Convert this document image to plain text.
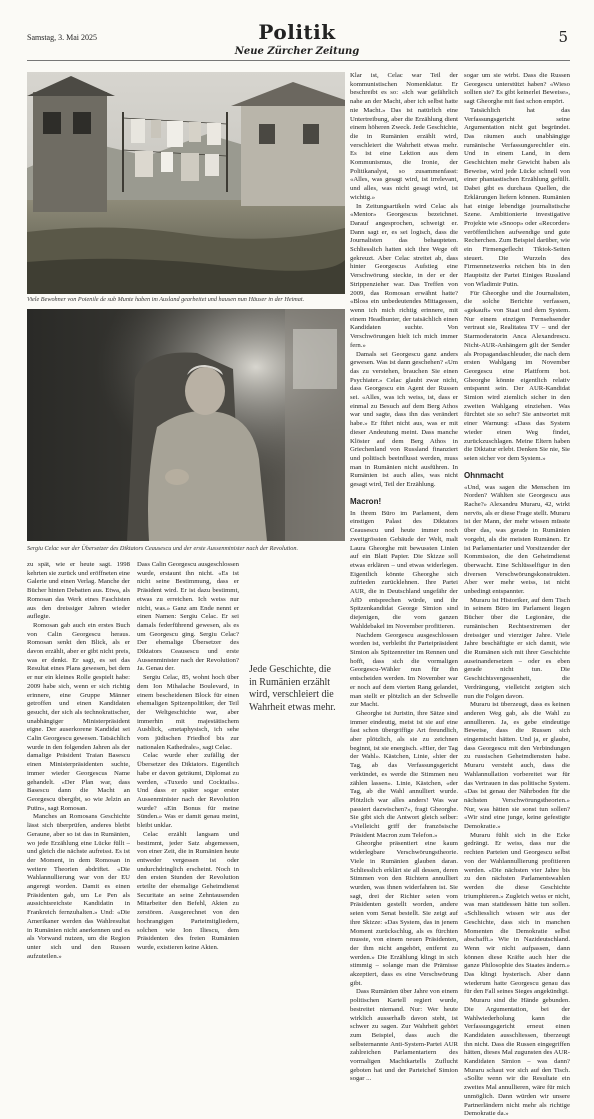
Samstag, 3. Mai 2025	Politik
Neue Zürcher Zeitung
5
Viele Bewohner von Poienile de sub Munte haben im Ausland gearbeitet und hausen nun Häuser in der Heimat.
Sergiu Celac war der Übersetzer des Diktators Ceausescu und der erste Aussenminister nach der Revolution.

zu spät, wie er heute sagt. 1998 kehrten sie zurück und eröffneten eine Galerie und einen Verlag. Manche der Bücher hinten Debatten aus. Etwa, als Romosan das Werk eines Faschisten aus den dreissiger Jahren wieder auflegte.

Romosan gab auch ein erstes Buch von Calin Georgescu heraus. Romosan senkt den Blick, als er davon erzählt, aber er gibt nicht preis, was er denkt. Er sagt, es sei das Resultat eines Plans gewesen, bei dem er nur ein kleines Rolle gespielt habe: 2009 habe sich, wenn er sich richtig erinnere, eine Gruppe Männer getroffen und einen Kandidaten gesucht, der sich als technokratischer, unabhängiger Ministerpräsident eigne. Der auserkorene Kandidat sei Calin Georgescu gewesen. Tatsächlich wurde in den folgenden Jahren als der damalige Präsident Traian Basescu einen Ministerpräsidenten suchte, immer wieder Georgescus Name gehandelt. «Der Plan war, dass Basescu dann die Macht an Georgescu übergibt, so wie Jelzin an Putin», sagt Romosan.

Manches an Romosans Geschichte lässt sich überprüfen, anderes bleibt Geraune, aber so ist das in Rumänien, wo jede Erzählung eine Lücke füllt – und gleich die nächste aufreisst. Es ist der Moment, in dem Romosan in weitere Theorien abdriftet. «Die Wahlannullierung war von der EU angeregt worden. Damit es einen Präsidenten gab, um Le Pen als aussichtsreichste Kandidatin in Frankreich fernzuhalten.» Und: «Die Amerikaner werden das Wahlresultat in Rumänien nicht anerkennen und es als Vorwand nutzen, um die Region unter sich und den Russen aufzuteilen.»

Dass Calin Georgescu ausgeschlossen wurde, erstaunt ihn nicht. «Es ist nicht seine Bestimmung, dass er Präsident wird. Er ist dazu bestimmt, etwas zu erreichen. Ich weiss nur nicht, was.» Ganz am Ende nennt er einen Namen: Sergiu Celac. Er sei damals federführend gewesen, als es um Georgescu ging. Sergiu Celac? Der ehemalige Übersetzer des Diktators Ceausescu und erste Aussenminister nach der Revolution? Ja. Genau der.

Sergiu Celac, 85, wohnt hoch über dem Ion Mihalache Boulevard, in einem bescheidenen Block für einen ehemaligen Spitzenpolitiker, der Teil der Weltgeschichte war, aber immerhin mit majestätischem Ausblick, «metaphysisch, ich sehe vom jüdischen Friedhof bis zur nationalen Kathedrale», sagt Celac.

Celac wurde eher zufällig der Übersetzer des Diktators. Eigentlich habe er davon geträumt, Diplomat zu werden, «Tuxedo und Cocktails». Und dass er später sogar erster Aussenminister nach der Revolution wurde? «Ein Bonus für meine Sünden.» Was er damit genau meint, bleibt unklar.

Celac erzählt langsam und bestimmt, jeder Satz abgemessen, von einer Zeit, die in Rumänien heute entweder vergessen ist oder undurchdringlich erscheint. Noch in den ersten Stunden der Revolution erteilte der ehemalige Geheimdienst Securitate an seine Zehntausenden Mitarbeiter den Befehl, Akten zu zerstören. Ausgerechnet von den hochrangigen Parteimitgliedern, solchen wie Ion Iliescu, dem Präsidenten des freien Rumänien wurde, existieren keine Akten.

Jede Geschichte, die in Rumänien erzählt wird, verschleiert die Wahrheit etwas mehr.

Klar ist, Celac war Teil der kommunistischen Nomenklatur. Er beschreibt es so: «Ich war gefährlich nahe an der Macht, aber ich selbst hatte nie Macht.» Das ist natürlich eine Untertreibung, aber die Erzählung dient einem höheren Zweck. Jede Geschichte, die in Rumänien erzählt wird, verschleiert die Wahrheit etwas mehr. Es ist eine Lektion aus dem Kommunismus, die Ironie, der Politikanalyst, so zusammenfasst: «Alles, was gesagt wird, ist irrelevant, und alles, was nicht gesagt wird, ist wichtig.»

In Zeitungsartikeln wird Celac als «Mentor» Georgescus bezeichnet. Darauf angesprochen, schweigt er. Dann sagt er, es sei logisch, dass die Journalisten das behaupteten. Schliesslich hatten sich ihre Wege oft gekreuzt. Aber Celac streitet ab, dass hinter Georgescus Aufstieg eine Verschwörung steckte, in der er der Strippenzieher war. Das Treffen von 2009, das Romosan erwähnt hatte? «Bloss ein unbedeutendes Mittagessen, wenn ich mich richtig erinnere, mit einem Headhunter, der tatsächlich einen Kandidaten suchte. Von Verschwörungen hielt ich mich immer fern.»

Damals sei Georgescu ganz anders gewesen. Was ist dann geschehen? «Um das zu verstehen, brauchen Sie einen Psychiater.» Celac glaubt zwar nicht, dass Georgescu ein Agent der Russen sei. «Alles, was ich weiss, ist, dass er einmal zu Besuch auf dem Berg Athos war und sagte, dass ihn das verändert habe.» Er führt nicht aus, was er mit dieser Andeutung meint. Dass manche Klöster auf dem Berg Athos in Griechenland von Russland finanziert und politisch beeinflusst werden, muss man in Rumänien nicht ausführen. In Rumänien ist auch alles, was nicht gesagt wird, Teil der Erzählung.

Macron!

In ihrem Büro im Parlament, dem einstigen Palast des Diktators Ceausescu und heute immer noch zweitgrössten Gebäude der Welt, malt Laura Gheorghe mit bewussten Linien auf ein Blatt Papier. Die Skizze soll etwas erklären – und etwas widerlegen. Eigentlich könnte Gheorghe sich zufrieden zurücklehnen. Ihre Partei AUR, die in Deutschland ungefähr der AfD entsprechen würde, und ihr Spitzenkandidat George Simion sind diejenigen, die vom ganzen Wahldebakel im November profitieren.

Nachdem Georgescu ausgeschlossen worden ist, verbleibt ihr Parteipräsident Simion als Spitzenreiter im Rennen und hofft, dass sich die vormaligen Georgescu-Wähler nun für ihn entscheiden werden. Im November war er noch auf dem vierten Rang gelandet, man stellt er plötzlich an der Schwelle zur Macht.

Gheorghe ist Juristin, ihre Sätze sind immer eindeutig, meist ist sie auf eine fast schon übergriffige Art freundlich, aber plötzlich, als sie zu zeichnen beginnt, ist sie energisch. «Hier, der Tag der Wahl». Kästchen, Linie, «hier der Tag, ab das Verfassungsgericht verkündet, es werde die Stimmen neu zählen lassen». Linie, Kästchen, «der Tag, ab die Wahl annulliert wurde. Plötzlich war alles anders! Was war passiert dazwischen?», fragt Gheorghe. Sie gibt sich die Antwort gleich selber: «Vielleicht griff der französische Präsident Macron zum Telefon.»

Gheorghe präsentiert eine kaum widerlegbare Verschwörungstheorie. Viele in Rumänien glauben daran. Schliesslich erklärt sie all dessen, deren Stimmen von den Richtern annulliert wurden, was ihnen widerfahren ist. Sie sagt, drei der Richter seien vom Präsidenten gestellt worden, andere seien vom Senat bestellt. Sie zeigt auf ihre Skizze: «Das System, das in jenem Moment zurückschlug, als es fürchten musste, von einem neuen Präsidenten, der ihm nicht angehört, entfernt zu werden.» Die Erzählung klingt in sich stimmig – solange man die Prämisse akzeptiert, dass es eine Verschwörung gibt.

Dass Rumänien über Jahre von einem politischen Kartell regiert wurde, bestreitet niemand. Nur: Wer heute wirklich ausserhalb davon steht, ist schwer zu sagen. Zur Wahrheit gehört zum Beispiel, dass auch die selbsternannte Anti-System-Partei AUR zahlreichen Parlamentariern des vormaligen Machtkartells Zuflucht geboten hat und der Parteichef Simion sogar ...

sogar um sie wirbt. Dass die Russen Georgescu unterstützt haben? «Wieso sollten sie? Es gibt keinerlei Beweise», sagt Gheorghe mit fast schon empört.

Tatsächlich hat das Verfassungsgericht seine Argumentation nicht gut begründet. Das räumen auch unabhängige rumänische Verfassungsrechtler ein. Und in einem Land, in dem Geschichten mehr Gewicht haben als Beweise, wird jede Lücke schnell von einer phantastischen Erzählung gefüllt. Dabei gibt es durchaus Quellen, die Erklärungen liefern können. Rumänien hat einige lebendige journalistische Szene. Ambitionierte investigative Projekte wie «Snoop» oder «Recorder» veröffentlichen aufwendige und gute Recherchen. Zum Beispiel darüber, wie ein Firmengeflecht Tiktok-Seiten steuert. Die Wurzeln des Firmennetzwerks reichen bis in den Hauptsitz der Partei Einiges Russland von Wladimir Putin.

Für Gheorghe und die Journalisten, die solche Berichte verfassen, «gekauft» von Staat und dem System. Nur einem einzigen Fernsehsender vertraut sie, Realitatea TV – und der Starmoderatorin Anca Alexandrescu. Nicht-AUR-Anhängern gilt der Sender als Propagandaschleuder, die nach dem ersten Wahlgang im November Georgescu eine Plattform bot. Gheorghe könnte eigentlich relativ entspannt sein. Der AUR-Kandidat Simion wird ziemlich sicher in den zweiten Wahlgang einziehen. Was fürchtet sie so sehr? Sie antwortet mit einer Warnung: «Dass das System wieder einen Weg findet, zurückzuschlagen. Meine Eltern haben die Diktatur erlebt. Denken Sie nie, Sie seien sicher vor dem System.»

Ohnmacht

«Und, was sagen die Menschen im Norden? Wählten sie Georgescu aus Rache?» Alexandru Muraru, 42, wirkt nervös, als er diese Frage stellt. Muraru ist der Mann, der mehr wissen müsste über das, was gerade in Rumänien vorgeht, als die meisten Rumänen. Er ist Parlamentarier und Vorsitzender der Kommission, die den Geheimdienst überwacht. Eine Schlüsselfigur in den diversen Verschwörungskonstrukten. Aber wer mehr weiss, ist nicht unbedingt entspannter.

Muraru ist Historiker, auf dem Tisch in seinem Büro im Parlament liegen Bücher über die Legionäre, die rumänischen Rechtsextremen der dreissiger und vierziger Jahre. Viele Jahre beschäftigte er sich damit, wie die Rumänen sich mit ihrer Geschichte auseinandersetzen – oder es eben gerade nicht tun. Die Geschichtsvergessenheit, die Verdrängung, vielleicht zeigten sich nun die Folgen davon.

Muraru ist überzeugt, dass es keinen anderen Weg gab, als die Wahl zu annullieren. Ja, es gebe eindeutige Beweise, dass die Russen sich eingemischt hätten. Und ja, er glaube, dass Georgescu mit den Verbindungen zu russischen Geheimdiensten habe. Muraru versteht auch, dass die Wahlannullation vorbereitet war für das Vertrauen in das politische System. «Das ist genau der Nährboden für die nächsten Verschwörungstheorien.» Nur, was hätten sie sonst tun sollen? «Wir sind eine junge, keine gefestigte Demokratie.»

Muraru fühlt sich in die Ecke gedrängt. Er weiss, dass nur die rechten Parteien und Georgescu selbst von der Wahlannullierung profitieren werden. «Die nächsten vier Jahre bis zu den nächsten Parlamentswahlen werden die diese Geschichte triumphieren.» Zugleich weiss er nicht, was man stattdessen hätte tun sollen. «Schliesslich wissen wir aus der Geschichte, dass sich in manchen Momenten die Demokratie selbst abschafft.» Wie in Nazideutschland. Wenn wir nicht aufpassen, dann können diese Kräfte auch hier die ganze Philosophie des Staates ändern.» Das klingt hysterisch. Aber dann wiederum hatte Georgescu genau das für den Fall seines Sieges angekündigt.

Muraru sind die Hände gebunden. Die Argumentation, bei der Wahlwiederholung kann die Verfassungsgericht erneut einen Kandidaten ausschliessen, überzeugt ihn nicht. Dass die Russen eingegriffen hätten, dieses Mal zugunsten des AUR-Kandidaten Simion – was dann? Muraru schaut vor sich auf den Tisch. «Sollte wenn wir die Resultate ein zweites Mal annullieren, wäre für mich unmöglich. Dann würden wir unsere Partnerländern nicht mehr als richtige Demokratie da.»
